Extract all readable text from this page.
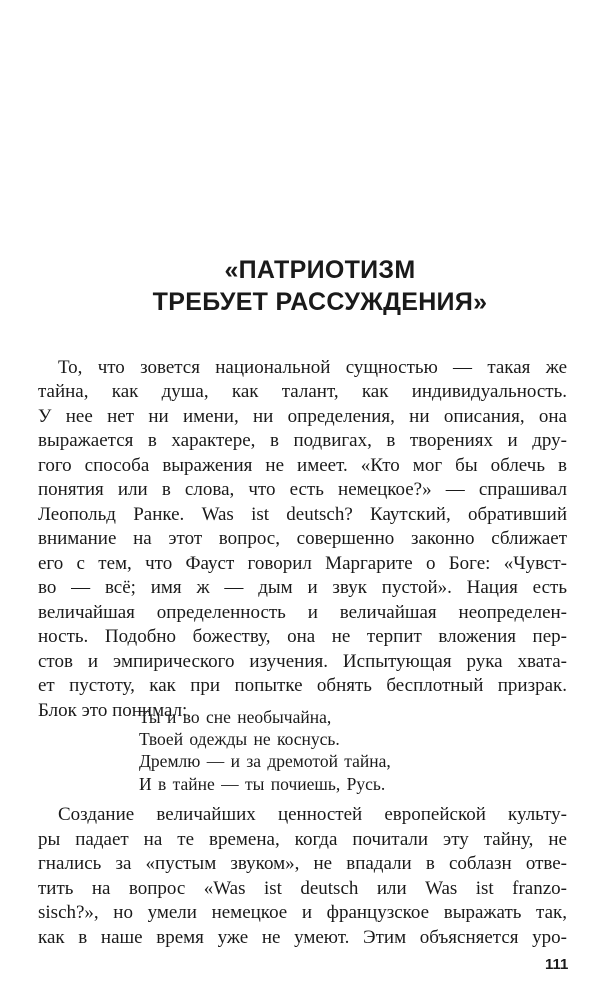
«ПАТРИОТИЗМ
ТРЕБУЕТ РАССУЖДЕНИЯ»
То, что зовется национальной сущностью — такая же
тайна, как душа, как талант, как индивидуальность.
У нее нет ни имени, ни определения, ни описания, она
выражается в характере, в подвигах, в творениях и дру-
гого способа выражения не имеет. «Кто мог бы облечь в
понятия или в слова, что есть немецкое?» — спрашивал
Леопольд Ранке. Was ist deutsch? Каутский, обративший
внимание на этот вопрос, совершенно законно сближает
его с тем, что Фауст говорил Маргарите о Боге: «Чувст-
во — всё; имя ж — дым и звук пустой». Нация есть
величайшая определенность и величайшая неопределен-
ность. Подобно божеству, она не терпит вложения пер-
стов и эмпирического изучения. Испытующая рука хвата-
ет пустоту, как при попытке обнять бесплотный призрак.
Блок это понимал:
Ты и во сне необычайна,
Твоей одежды не коснусь.
Дремлю — и за дремотой тайна,
И в тайне — ты почиешь, Русь.
Создание величайших ценностей европейской культу-
ры падает на те времена, когда почитали эту тайну, не
гнались за «пустым звуком», не впадали в соблазн отве-
тить на вопрос «Was ist deutsch или Was ist franzo-
sisch?», но умели немецкое и французское выражать так,
как в наше время уже не умеют. Этим объясняется уро-
111
